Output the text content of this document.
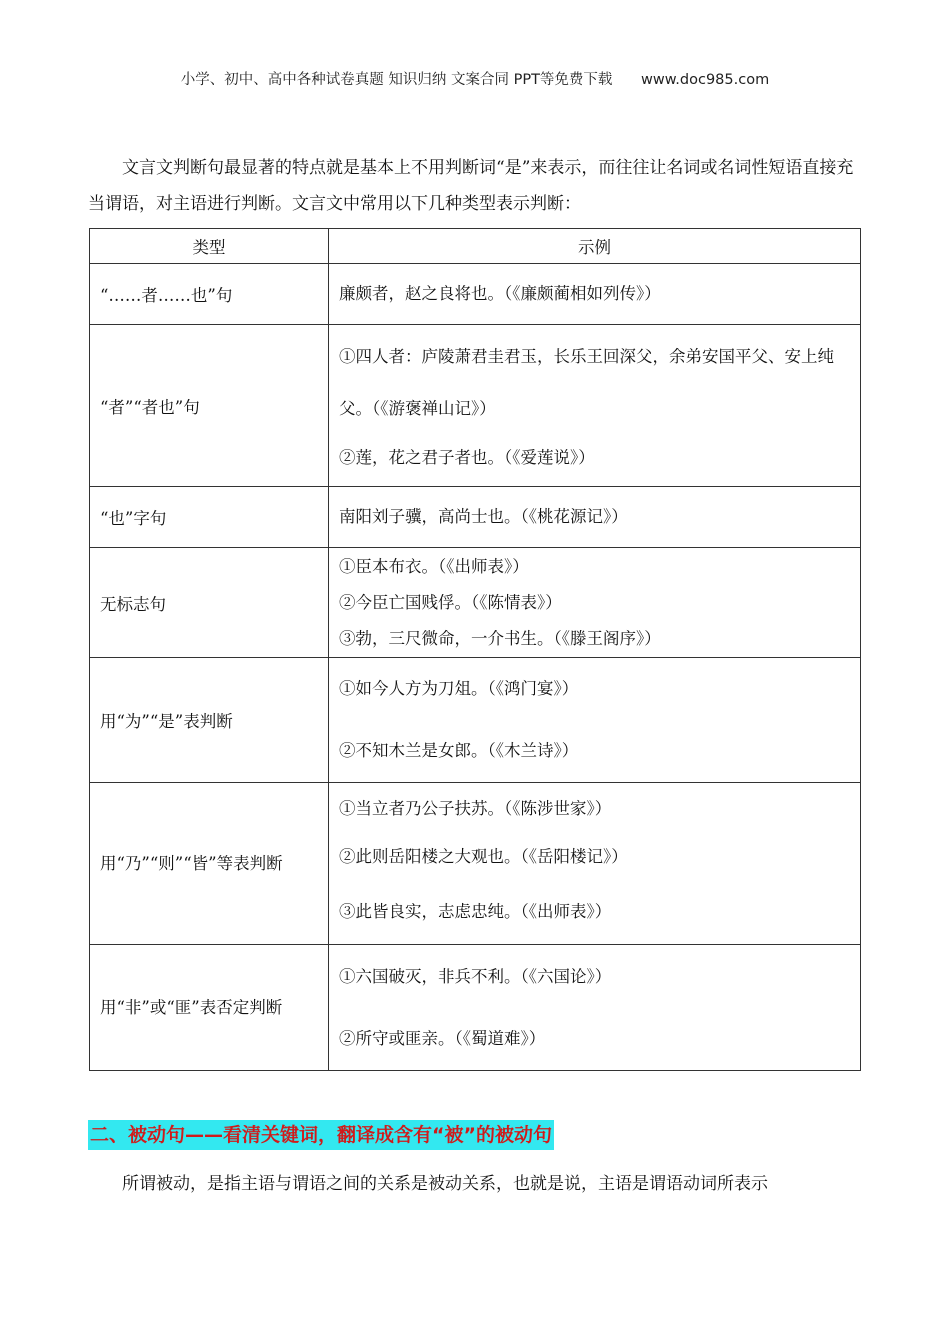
小学、初中、高中各种试卷真题 知识归纳 文案合同 PPT等免费下载 www.doc985.com

文言文判断句最显著的特点就是基本上不用判断词“是”来表示，而往往让名词或名词性短语直接充当谓语，对主语进行判断。文言文中常用以下几种类型表示判断：

类型	示例
“……者……也”句	廉颇者，赵之良将也。（《廉颇蔺相如列传》）

“者”“者也”句	①四人者：庐陵萧君圭君玉，长乐王回深父，余弟安国平父、安上纯父。（《游褒禅山记》）

②莲，花之君子者也。（《爱莲说》）

“也”字句	南阳刘子骥，高尚士也。（《桃花源记》）

无标志句	①臣本布衣。（《出师表》）

②今臣亡国贱俘。（《陈情表》）

③勃，三尺微命，一介书生。（《滕王阁序》）

用“为”“是”表判断	①如今人方为刀俎。（《鸿门宴》）

②不知木兰是女郎。（《木兰诗》）

用“乃”“则”“皆”等表判断	①当立者乃公子扶苏。（《陈涉世家》）

②此则岳阳楼之大观也。（《岳阳楼记》）

③此皆良实，志虑忠纯。（《出师表》）

用“非”或“匪”表否定判断	①六国破灭，非兵不利。（《六国论》）

②所守或匪亲。（《蜀道难》）

二、被动句——看清关键词，翻译成含有“被”的被动句

所谓被动，是指主语与谓语之间的关系是被动关系，也就是说，主语是谓语动词所表示
